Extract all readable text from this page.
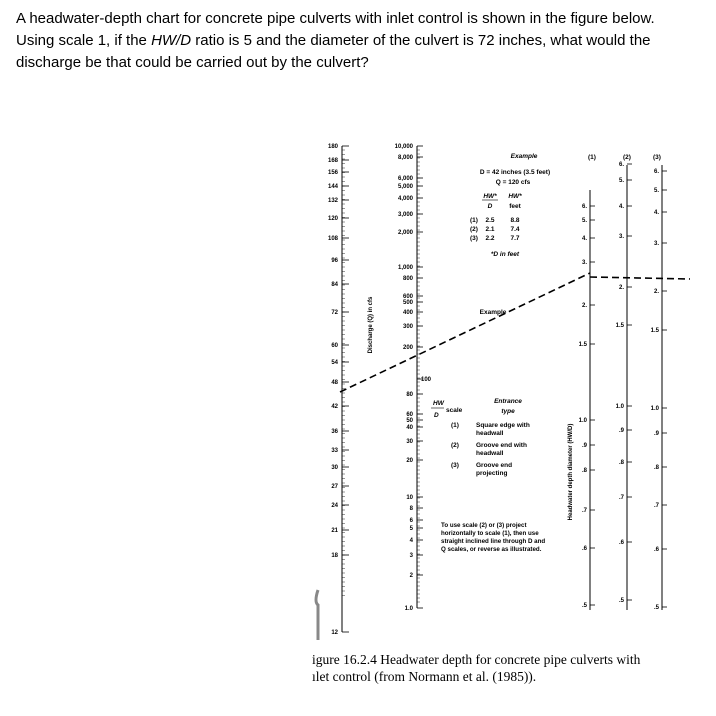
A headwater-depth chart for concrete pipe culverts with inlet control is shown in the figure below.
Using scale 1, if the HW/D ratio is 5 and the diameter of the culvert is 72 inches, what would the
discharge be that could be carried out by the culvert?

180
168
156
144
132
120
108
96
84
72
60
54
48
42
36
33
30
27
24
21
18
12
10,000
8,000
6,000
5,000
4,000
3,000
2,000
1,000
800
600
500
400
300
200
100
80
60
50
40
30
20
10
8
6
5
4
3
2
1.0
Discharge (Q) in cfs
Example
D = 42 inches (3.5 feet)
Q = 120 cfs
HW*
D
HW*
feet
(1) 2.5 8.8
(2) 2.1 7.4
(3) 2.2 7.7
*D in feet
Example
HW
D
scale
Entrance
type
(1)	Square edge with
headwall
(2)	Groove end with
headwall
(3)	Groove end
projecting
To use scale (2) or (3) project
horizontally to scale (1), then use
straight inclined line through D and
Q scales, or reverse as illustrated.
Headwater depth diameter (HW/D)
(1)	(2)	(3)
6.
5.
4.
3.
2.
1.5
1.0
.9
.8
.7
.6
.5
6.
5.
4.
3.
2.
1.5
1.0
.9
.8
.7
.6
.5
6.
5.
4.
3.
2.
1.5
1.0
.9
.8
.7
.6
.5
igure 16.2.4 Headwater depth for concrete pipe culverts with
ılet control (from Normann et al. (1985)).
